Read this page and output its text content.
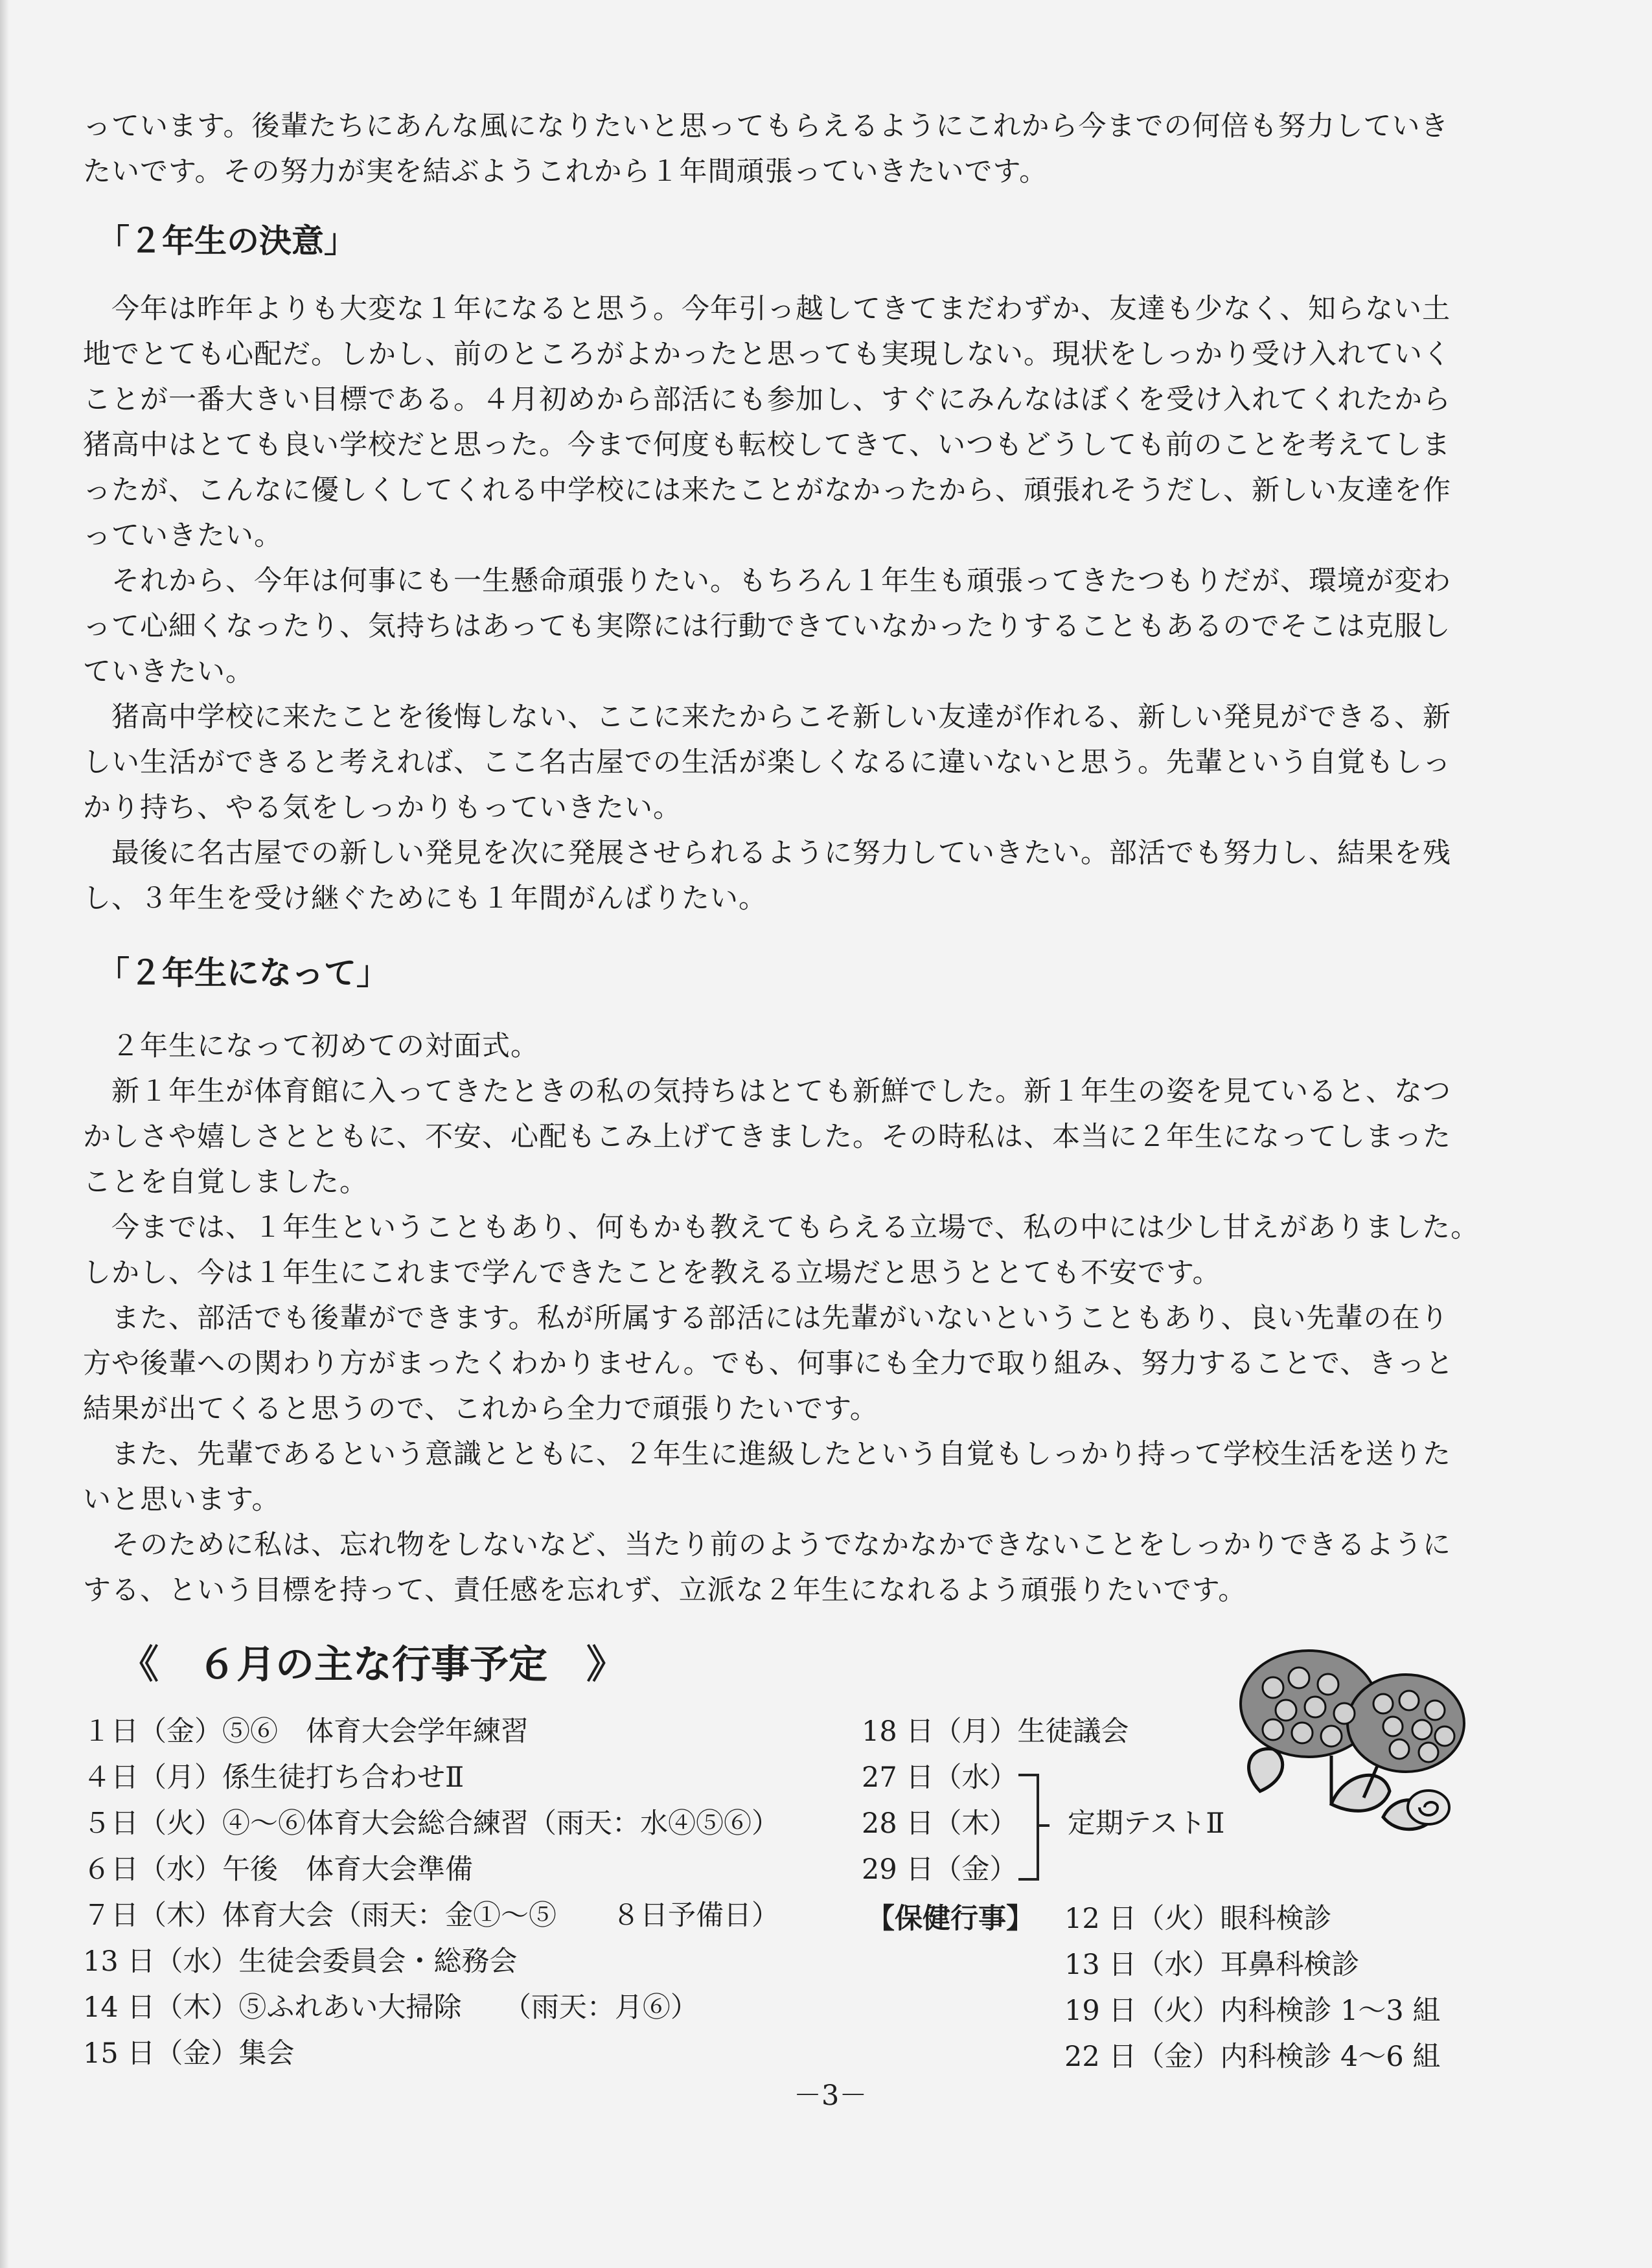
っています。後輩たちにあんな風になりたいと思ってもらえるようにこれから今までの何倍も努力していき

たいです。その努力が実を結ぶようこれから１年間頑張っていきたいです。

「２年生の決意」

　今年は昨年よりも大変な１年になると思う。今年引っ越してきてまだわずか、友達も少なく、知らない土

地でとても心配だ。しかし、前のところがよかったと思っても実現しない。現状をしっかり受け入れていく

ことが一番大きい目標である。４月初めから部活にも参加し、すぐにみんなはぼくを受け入れてくれたから

猪高中はとても良い学校だと思った。今まで何度も転校してきて、いつもどうしても前のことを考えてしま

ったが、こんなに優しくしてくれる中学校には来たことがなかったから、頑張れそうだし、新しい友達を作

っていきたい。

　それから、今年は何事にも一生懸命頑張りたい。もちろん１年生も頑張ってきたつもりだが、環境が変わ

って心細くなったり、気持ちはあっても実際には行動できていなかったりすることもあるのでそこは克服し

ていきたい。

　猪高中学校に来たことを後悔しない、ここに来たからこそ新しい友達が作れる、新しい発見ができる、新

しい生活ができると考えれば、ここ名古屋での生活が楽しくなるに違いないと思う。先輩という自覚もしっ

かり持ち、やる気をしっかりもっていきたい。

　最後に名古屋での新しい発見を次に発展させられるように努力していきたい。部活でも努力し、結果を残

し、３年生を受け継ぐためにも１年間がんばりたい。

「２年生になって」

　２年生になって初めての対面式。

　新１年生が体育館に入ってきたときの私の気持ちはとても新鮮でした。新１年生の姿を見ていると、なつ

かしさや嬉しさとともに、不安、心配もこみ上げてきました。その時私は、本当に２年生になってしまった

ことを自覚しました。

　今までは、１年生ということもあり、何もかも教えてもらえる立場で、私の中には少し甘えがありました。

しかし、今は１年生にこれまで学んできたことを教える立場だと思うととても不安です。

　また、部活でも後輩ができます。私が所属する部活には先輩がいないということもあり、良い先輩の在り

方や後輩への関わり方がまったくわかりません。でも、何事にも全力で取り組み、努力することで、きっと

結果が出てくると思うので、これから全力で頑張りたいです。

　また、先輩であるという意識とともに、２年生に進級したという自覚もしっかり持って学校生活を送りた

いと思います。

　そのために私は、忘れ物をしないなど、当たり前のようでなかなかできないことをしっかりできるように

する、という目標を持って、責任感を忘れず、立派な２年生になれるよう頑張りたいです。

《　６月の主な行事予定　》
１日（金）⑤⑥　体育大会学年練習
４日（月）係生徒打ち合わせⅡ
５日（火）④～⑥体育大会総合練習（雨天：水④⑤⑥）
６日（水）午後　体育大会準備
７日（木）体育大会（雨天：金①～⑤　　８日予備日）
13 日（水）生徒会委員会・総務会
14 日（木）⑤ふれあい大掃除　　（雨天：月⑥）
15 日（金）集会
18 日（月）生徒議会
27 日（水）
28 日（木）
29 日（金）
定期テストⅡ
【保健行事】 12 日（火）眼科検診
13 日（水）耳鼻科検診
19 日（火）内科検診 1～3 組
22 日（金）内科検診 4～6 組
－3－
